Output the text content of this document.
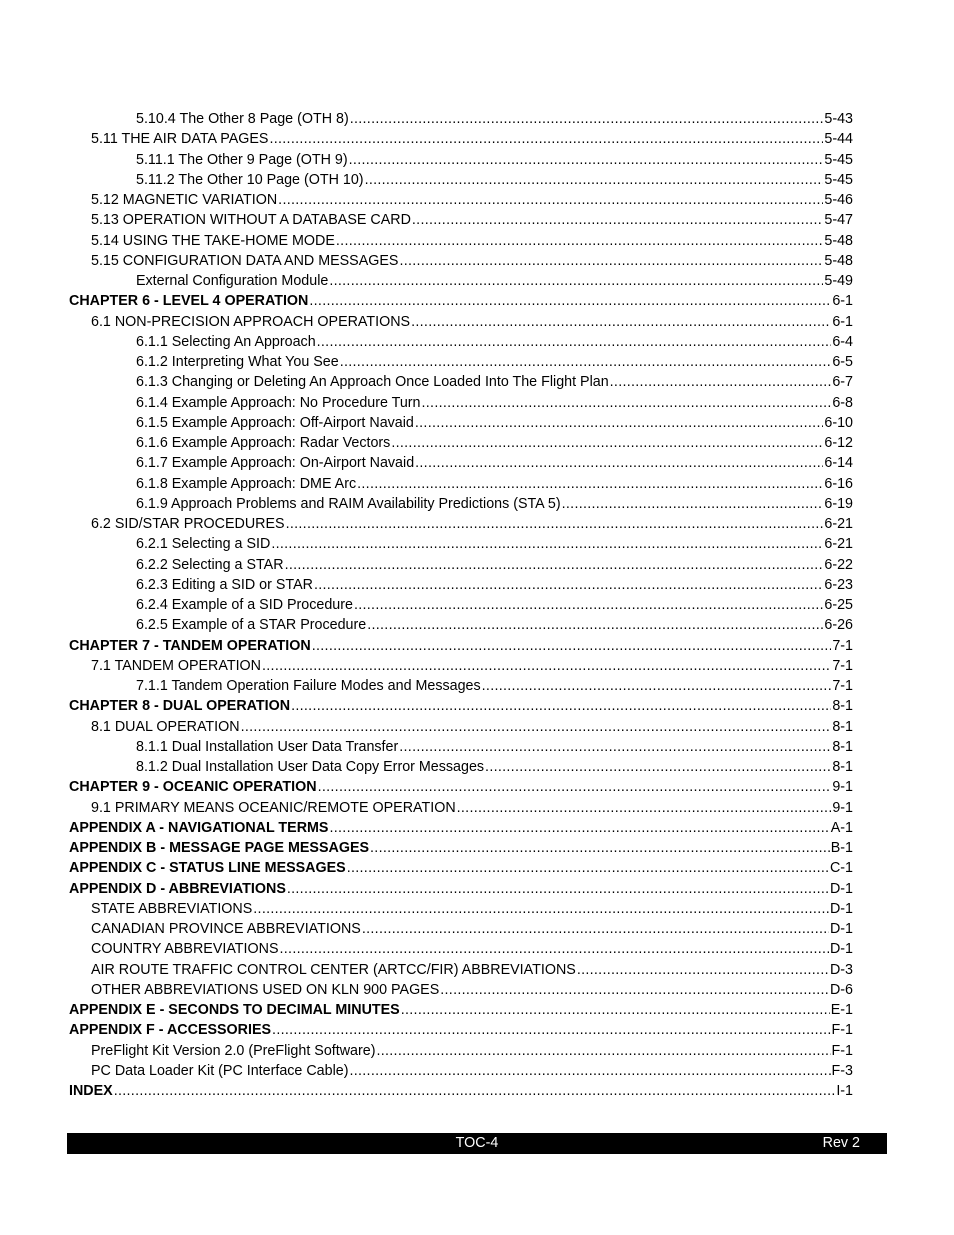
5.10.4 The Other 8 Page (OTH 8) .....	5-43
5.11 THE AIR DATA PAGES .....	5-44
5.11.1 The Other 9 Page (OTH 9) .....	5-45
5.11.2 The Other 10 Page (OTH 10) .....	5-45
5.12 MAGNETIC VARIATION .....	5-46
5.13 OPERATION WITHOUT A DATABASE CARD .....	5-47
5.14 USING THE TAKE-HOME MODE .....	5-48
5.15 CONFIGURATION DATA AND MESSAGES .....	5-48
External Configuration Module .....	5-49
CHAPTER 6 - LEVEL 4 OPERATION .....	6-1
6.1 NON-PRECISION APPROACH OPERATIONS .....	6-1
6.1.1 Selecting An Approach .....	6-4
6.1.2 Interpreting What You See .....	6-5
6.1.3 Changing or Deleting An Approach Once Loaded Into The Flight Plan .....	6-7
6.1.4 Example Approach: No Procedure Turn .....	6-8
6.1.5 Example Approach: Off-Airport Navaid .....	6-10
6.1.6 Example Approach: Radar Vectors .....	6-12
6.1.7 Example Approach: On-Airport Navaid .....	6-14
6.1.8 Example Approach: DME Arc .....	6-16
6.1.9 Approach Problems and RAIM Availability Predictions (STA 5) .....	6-19
6.2 SID/STAR PROCEDURES .....	6-21
6.2.1 Selecting a SID .....	6-21
6.2.2 Selecting a STAR .....	6-22
6.2.3 Editing a SID or STAR .....	6-23
6.2.4 Example of a SID Procedure .....	6-25
6.2.5 Example of a STAR Procedure .....	6-26
CHAPTER 7 - TANDEM OPERATION .....	7-1
7.1 TANDEM OPERATION .....	7-1
7.1.1 Tandem Operation Failure Modes and Messages .....	7-1
CHAPTER 8 - DUAL OPERATION .....	8-1
8.1 DUAL OPERATION .....	8-1
8.1.1 Dual Installation User Data Transfer .....	8-1
8.1.2 Dual Installation User Data Copy Error Messages .....	8-1
CHAPTER 9 - OCEANIC OPERATION .....	9-1
9.1 PRIMARY MEANS OCEANIC/REMOTE OPERATION .....	9-1
APPENDIX A - NAVIGATIONAL TERMS .....	A-1
APPENDIX B - MESSAGE PAGE MESSAGES .....	B-1
APPENDIX C - STATUS LINE MESSAGES .....	C-1
APPENDIX D - ABBREVIATIONS .....	D-1
STATE ABBREVIATIONS .....	D-1
CANADIAN PROVINCE ABBREVIATIONS .....	D-1
COUNTRY ABBREVIATIONS .....	D-1
AIR ROUTE TRAFFIC CONTROL CENTER (ARTCC/FIR) ABBREVIATIONS .....	D-3
OTHER ABBREVIATIONS USED ON KLN 900 PAGES .....	D-6
APPENDIX E - SECONDS TO DECIMAL MINUTES .....	E-1
APPENDIX F - ACCESSORIES .....	F-1
PreFlight Kit Version 2.0 (PreFlight Software) .....	F-1
PC Data Loader Kit (PC Interface Cable) .....	F-3
INDEX .....	I-1
TOC-4	Rev 2
